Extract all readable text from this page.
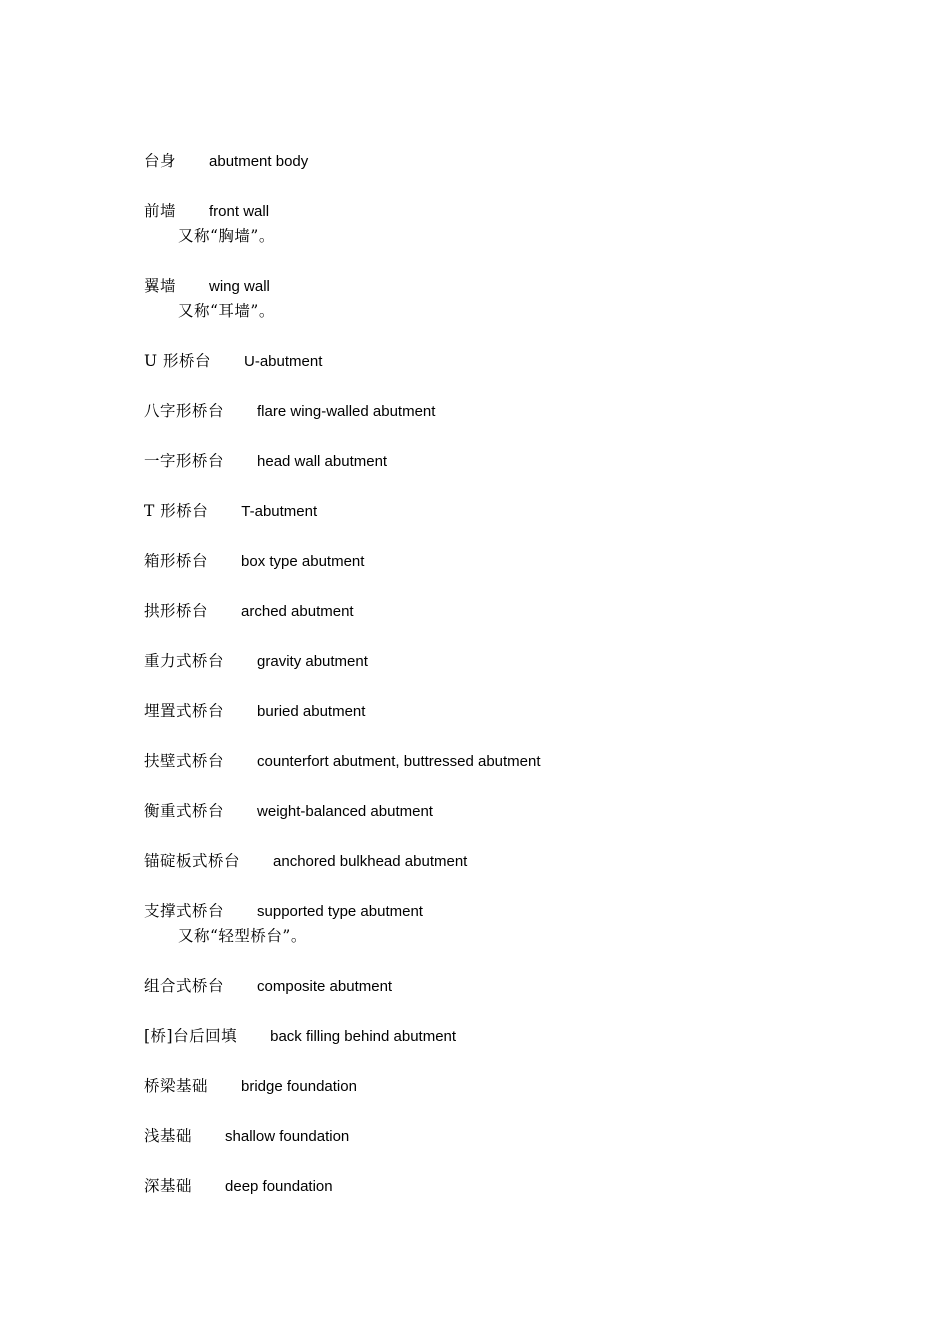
台身 abutment body
前墙 front wall
又称“胸墙”。
翼墙 wing wall
又称“耳墙”。
U 形桥台 U-abutment
八字形桥台 flare wing-walled abutment
一字形桥台 head wall abutment
T 形桥台 T-abutment
箱形桥台 box type abutment
拱形桥台 arched abutment
重力式桥台 gravity abutment
埋置式桥台 buried abutment
扶壁式桥台 counterfort abutment, buttressed abutment
衡重式桥台 weight-balanced abutment
锚碇板式桥台 anchored bulkhead abutment
支撑式桥台 supported type abutment
又称“轻型桥台”。
组合式桥台 composite abutment
[桥]台后回填 back filling behind abutment
桥梁基础 bridge foundation
浅基础 shallow foundation
深基础 deep foundation
